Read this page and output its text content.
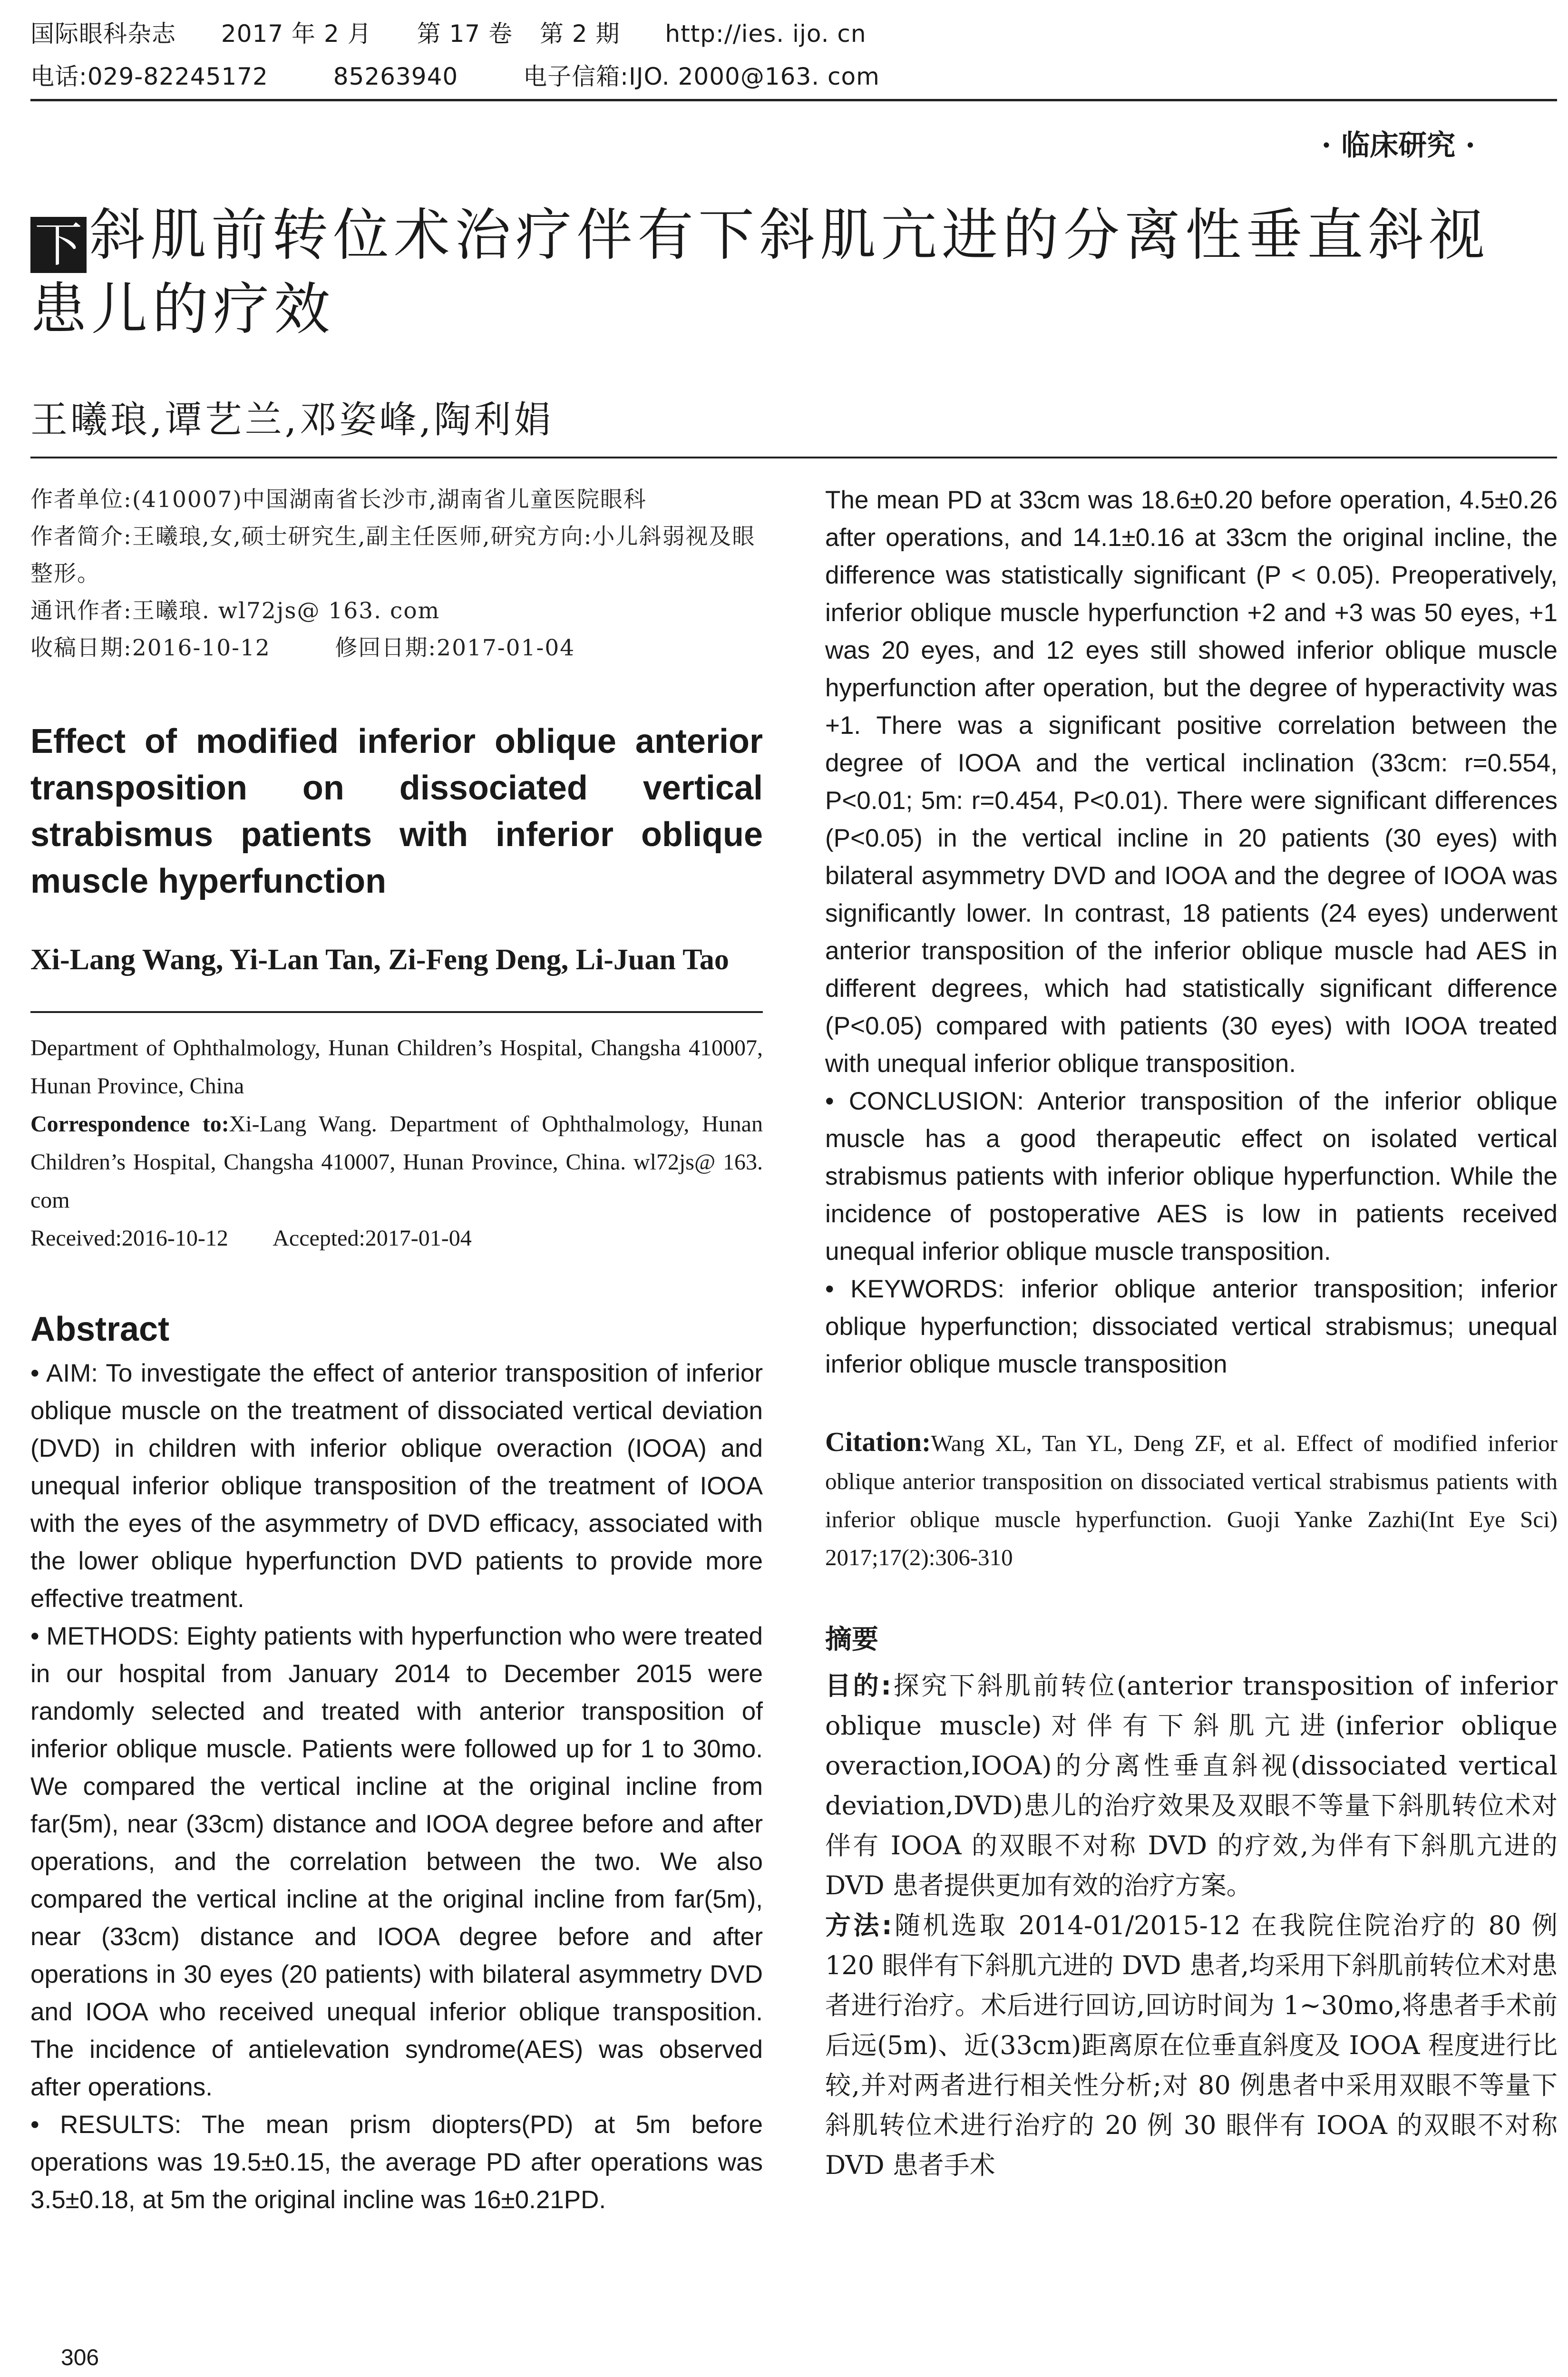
国际眼科杂志 2017 年 2 月 第 17 卷 第 2 期 http://ies. ijo. cn
电话:029-82245172	85263940	电子信箱:IJO. 2000@163. com
· 临床研究 ·
下 斜肌前转位术治疗伴有下斜肌亢进的分离性垂直斜视
患儿的疗效
王曦琅,谭艺兰,邓姿峰,陶利娟
作者单位:(410007)中国湖南省长沙市,湖南省儿童医院眼科
作者简介:王曦琅,女,硕士研究生,副主任医师,研究方向:小儿斜弱视及眼整形。
通讯作者:王曦琅. wl72js@ 163. com
收稿日期:2016-10-12        修回日期:2017-01-04
Effect of modified inferior oblique anterior transposition on dissociated vertical strabismus patients with inferior oblique muscle hyperfunction
Xi-Lang Wang, Yi-Lan Tan, Zi-Feng Deng, Li-Juan Tao
Department of Ophthalmology, Hunan Children’s Hospital, Changsha 410007, Hunan Province, China
Correspondence to:Xi-Lang Wang. Department of Ophthalmology, Hunan Children’s Hospital, Changsha 410007, Hunan Province, China. wl72js@ 163. com
Received:2016-10-12        Accepted:2017-01-04
Abstract

• AIM: To investigate the effect of anterior transposition of inferior oblique muscle on the treatment of dissociated vertical deviation (DVD) in children with inferior oblique overaction (IOOA) and unequal inferior oblique transposition of the treatment of IOOA with the eyes of the asymmetry of DVD efficacy, associated with the lower oblique hyperfunction DVD patients to provide more effective treatment.

• METHODS: Eighty patients with hyperfunction who were treated in our hospital from January 2014 to December 2015 were randomly selected and treated with anterior transposition of inferior oblique muscle. Patients were followed up for 1 to 30mo. We compared the vertical incline at the original incline from far(5m), near (33cm) distance and IOOA degree before and after operations, and the correlation between the two. We also compared the vertical incline at the original incline from far(5m), near (33cm) distance and IOOA degree before and after operations in 30 eyes (20 patients) with bilateral asymmetry DVD and IOOA who received unequal inferior oblique transposition. The incidence of antielevation syndrome(AES) was observed after operations.

• RESULTS: The mean prism diopters(PD) at 5m before operations was 19.5±0.15, the average PD after operations was 3.5±0.18, at 5m the original incline was 16±0.21PD.

The mean PD at 33cm was 18.6±0.20 before operation, 4.5±0.26 after operations, and 14.1±0.16 at 33cm the original incline, the difference was statistically significant (P < 0.05). Preoperatively, inferior oblique muscle hyperfunction +2 and +3 was 50 eyes, +1 was 20 eyes, and 12 eyes still showed inferior oblique muscle hyperfunction after operation, but the degree of hyperactivity was +1. There was a significant positive correlation between the degree of IOOA and the vertical inclination (33cm: r=0.554, P<0.01; 5m: r=0.454, P<0.01). There were significant differences (P<0.05) in the vertical incline in 20 patients (30 eyes) with bilateral asymmetry DVD and IOOA and the degree of IOOA was significantly lower. In contrast, 18 patients (24 eyes) underwent anterior transposition of the inferior oblique muscle had AES in different degrees, which had statistically significant difference (P<0.05) compared with patients (30 eyes) with IOOA treated with unequal inferior oblique transposition.

• CONCLUSION: Anterior transposition of the inferior oblique muscle has a good therapeutic effect on isolated vertical strabismus patients with inferior oblique hyperfunction. While the incidence of postoperative AES is low in patients received unequal inferior oblique muscle transposition.

• KEYWORDS: inferior oblique anterior transposition; inferior oblique hyperfunction; dissociated vertical strabismus; unequal inferior oblique muscle transposition

Citation:Wang XL, Tan YL, Deng ZF, et al. Effect of modified inferior oblique anterior transposition on dissociated vertical strabismus patients with inferior oblique muscle hyperfunction. Guoji Yanke Zazhi(Int Eye Sci) 2017;17(2):306-310
摘要

目的:探究下斜肌前转位(anterior transposition of inferior oblique muscle)对伴有下斜肌亢进(inferior oblique overaction,IOOA)的分离性垂直斜视(dissociated vertical deviation,DVD)患儿的治疗效果及双眼不等量下斜肌转位术对伴有 IOOA 的双眼不对称 DVD 的疗效,为伴有下斜肌亢进的 DVD 患者提供更加有效的治疗方案。

方法:随机选取 2014-01/2015-12 在我院住院治疗的 80 例 120 眼伴有下斜肌亢进的 DVD 患者,均采用下斜肌前转位术对患者进行治疗。术后进行回访,回访时间为 1~30mo,将患者手术前后远(5m)、近(33cm)距离原在位垂直斜度及 IOOA 程度进行比较,并对两者进行相关性分析;对 80 例患者中采用双眼不等量下斜肌转位术进行治疗的 20 例 30 眼伴有 IOOA 的双眼不对称 DVD 患者手术

306
